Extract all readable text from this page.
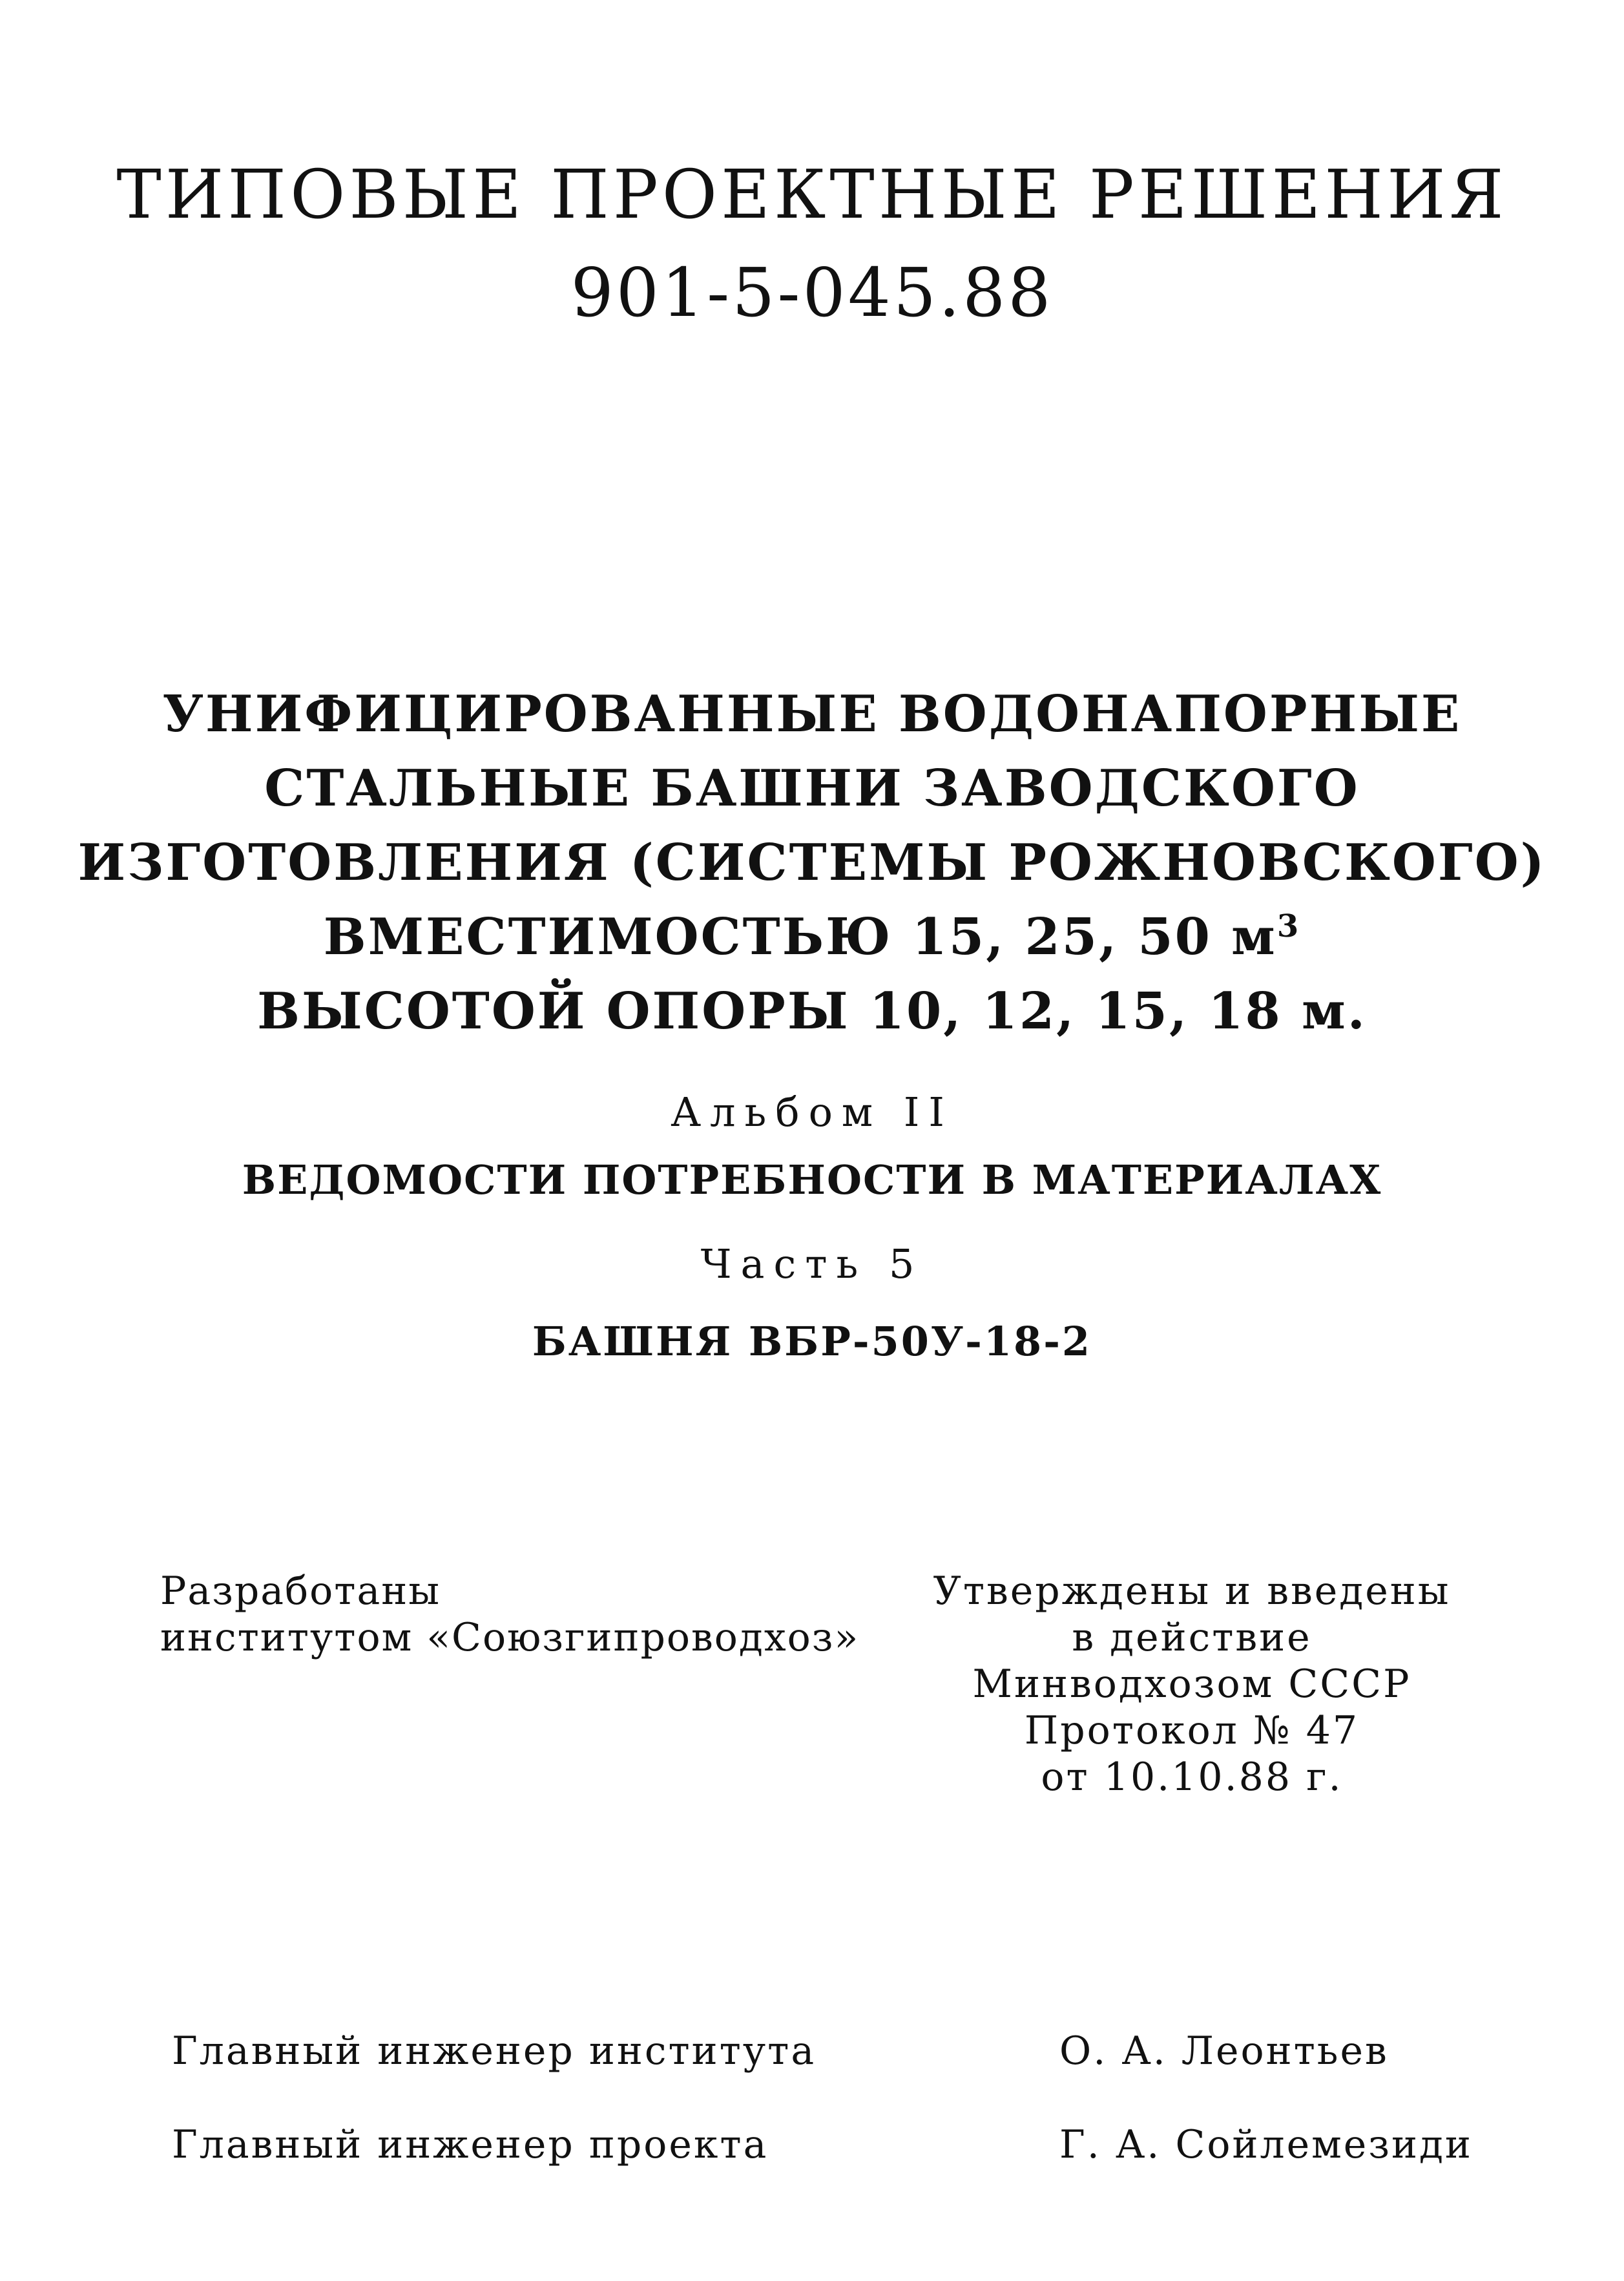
ТИПОВЫЕ ПРОЕКТНЫЕ РЕШЕНИЯ
901-5-045.88
УНИФИЦИРОВАННЫЕ ВОДОНАПОРНЫЕ
СТАЛЬНЫЕ БАШНИ ЗАВОДСКОГО
ИЗГОТОВЛЕНИЯ (СИСТЕМЫ РОЖНОВСКОГО)
ВМЕСТИМОСТЬЮ 15, 25, 50 $м^3$
ВЫСОТОЙ ОПОРЫ 10, 12, 15, 18 м.
Альбом II
ВЕДОМОСТИ ПОТРЕБНОСТИ В МАТЕРИАЛАХ
Часть 5
БАШНЯ ВБР-50У-18-2
Разработаны
институтом «Союзгипроводхоз»
Утверждены и введены
в действие
Минводхозом СССР
Протокол № 47
от 10.10.88 г.
Главный инженер института	О. А. Леонтьев
Главный инженер проекта	Г. А. Сойлемезиди
